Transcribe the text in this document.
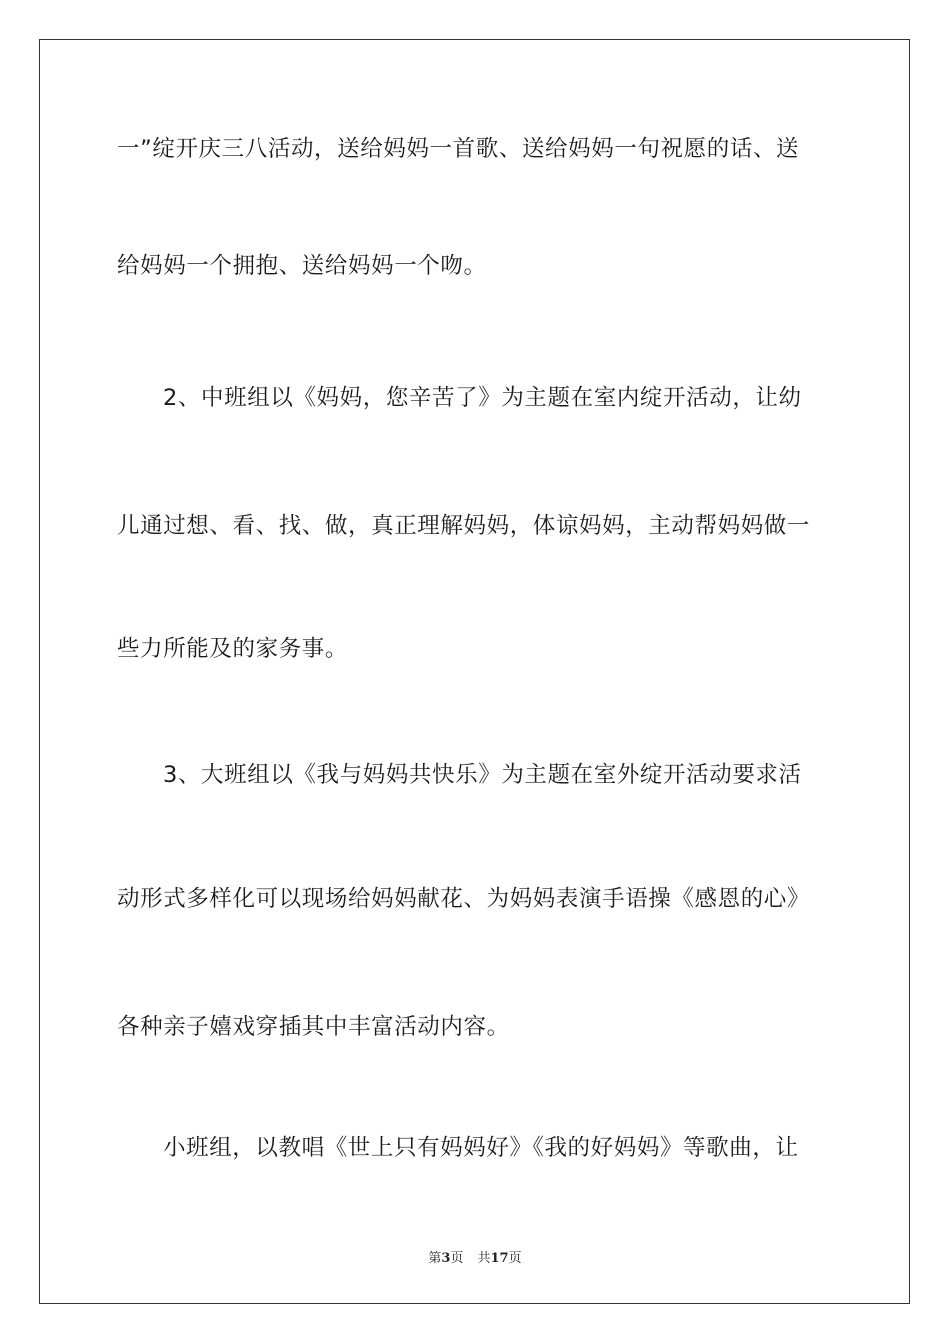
一”绽开庆三八活动，送给妈妈一首歌、送给妈妈一句祝愿的话、送
给妈妈一个拥抱、送给妈妈一个吻。
2、中班组以《妈妈，您辛苦了》为主题在室内绽开活动，让幼
儿通过想、看、找、做，真正理解妈妈，体谅妈妈，主动帮妈妈做一
些力所能及的家务事。
3、大班组以《我与妈妈共快乐》为主题在室外绽开活动要求活
动形式多样化可以现场给妈妈献花、为妈妈表演手语操《感恩的心》
各种亲子嬉戏穿插其中丰富活动内容。
小班组，以教唱《世上只有妈妈好》《我的好妈妈》等歌曲，让
第3页 共17页
